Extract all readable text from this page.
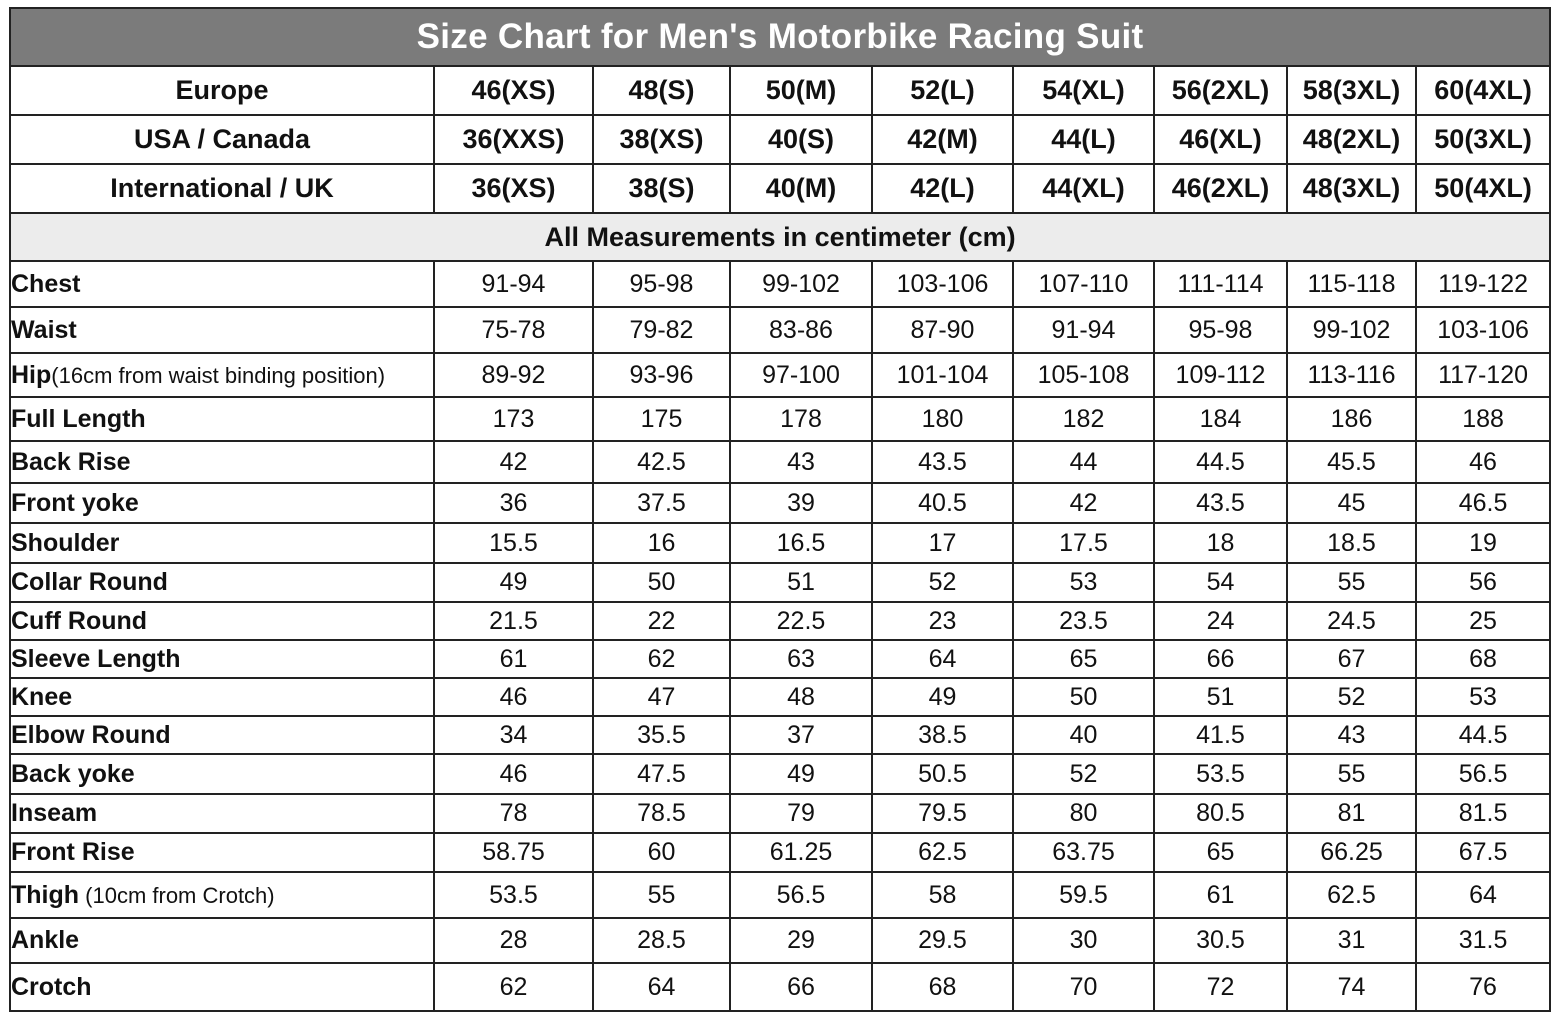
Size Chart for Men's Motorbike Racing Suit								
Europe	46(XS)	48(S)	50(M)	52(L)	54(XL)	56(2XL)	58(3XL)	60(4XL)
USA / Canada	36(XXS)	38(XS)	40(S)	42(M)	44(L)	46(XL)	48(2XL)	50(3XL)
International / UK	36(XS)	38(S)	40(M)	42(L)	44(XL)	46(2XL)	48(3XL)	50(4XL)
All Measurements in centimeter (cm)								
Chest	91-94	95-98	99-102	103-106	107-110	111-114	115-118	119-122
Waist	75-78	79-82	83-86	87-90	91-94	95-98	99-102	103-106
Hip(16cm from waist binding position)	89-92	93-96	97-100	101-104	105-108	109-112	113-116	117-120
Full Length	173	175	178	180	182	184	186	188
Back Rise	42	42.5	43	43.5	44	44.5	45.5	46
Front yoke	36	37.5	39	40.5	42	43.5	45	46.5
Shoulder	15.5	16	16.5	17	17.5	18	18.5	19
Collar Round	49	50	51	52	53	54	55	56
Cuff Round	21.5	22	22.5	23	23.5	24	24.5	25
Sleeve Length	61	62	63	64	65	66	67	68
Knee	46	47	48	49	50	51	52	53
Elbow Round	34	35.5	37	38.5	40	41.5	43	44.5
Back yoke	46	47.5	49	50.5	52	53.5	55	56.5
Inseam	78	78.5	79	79.5	80	80.5	81	81.5
Front Rise	58.75	60	61.25	62.5	63.75	65	66.25	67.5
Thigh (10cm from Crotch)	53.5	55	56.5	58	59.5	61	62.5	64
Ankle	28	28.5	29	29.5	30	30.5	31	31.5
Crotch	62	64	66	68	70	72	74	76
